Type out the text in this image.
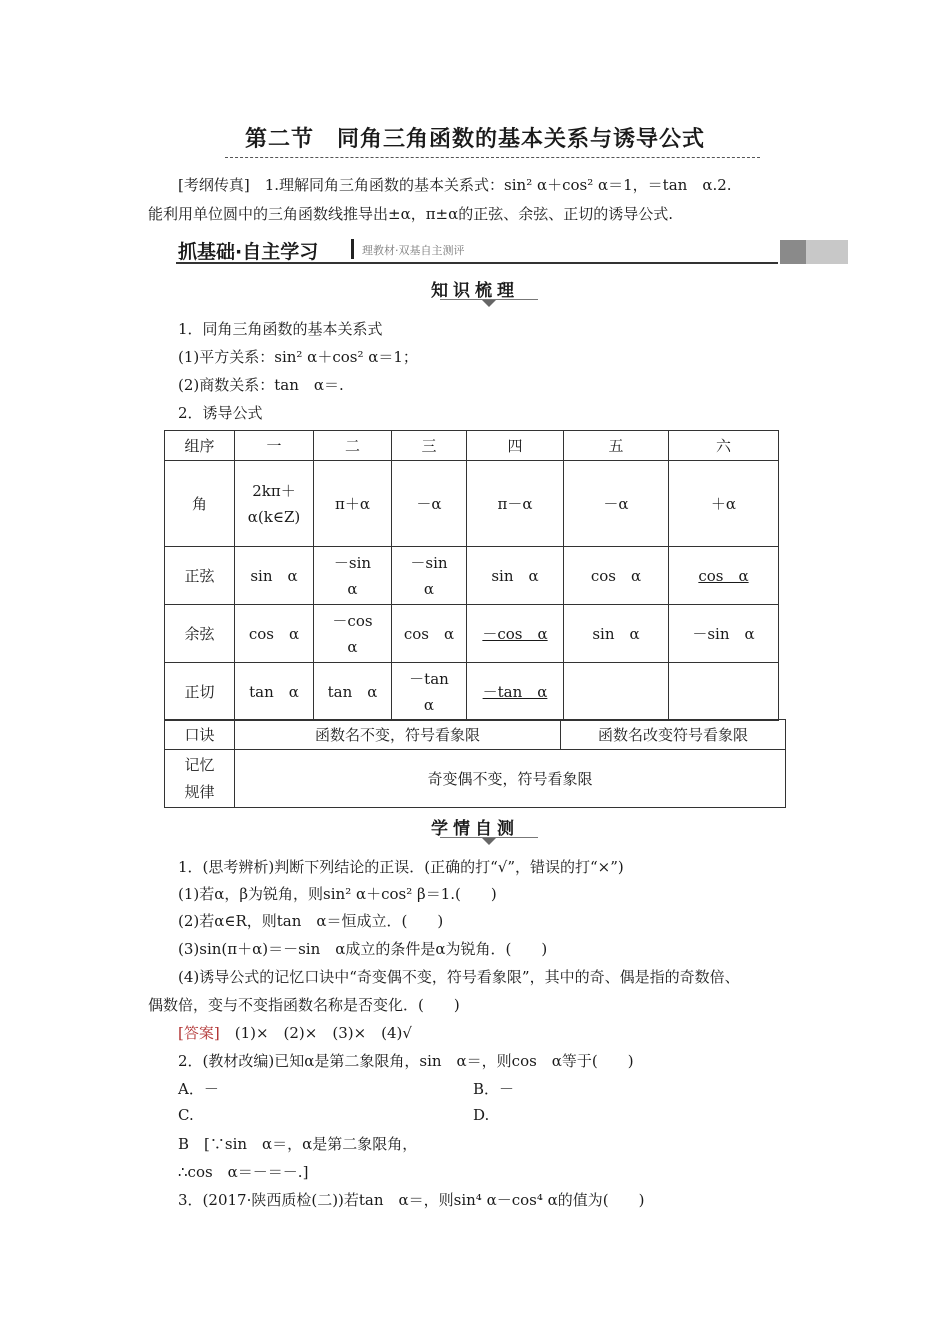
第二节　同角三角函数的基本关系与诱导公式
[考纲传真]　1.理解同角三角函数的基本关系式：sin² α＋cos² α＝1，＝tan　α.2.
能利用单位圆中的三角函数线推导出±α，π±α的正弦、余弦、正切的诱导公式.
抓基础·自主学习	理教材·双基自主测评
知识梳理
1．同角三角函数的基本关系式
(1)平方关系：sin² α＋cos² α＝1；
(2)商数关系：tan　α＝.
2．诱导公式
组序	一	二	三	四	五	六
角	2kπ＋α(k∈Z)	π＋α	－α	π－α	－α	＋α
正弦	sin　α	－sin α	－sin α	sin　α	cos　α	cos　α
余弦	cos　α	－cos α	cos　α	－cos　α	sin　α	－sin　α
正切	tan　α	tan　α	－tan α	－tan　α		
口诀	函数名不变，符号看象限	函数名改变符号看象限
记忆规律	奇变偶不变，符号看象限	
学情自测
1．(思考辨析)判断下列结论的正误．(正确的打“√”，错误的打“×”)
(1)若α，β为锐角，则sin² α＋cos² β＝1.(　　)
(2)若α∈R，则tan　α＝恒成立．(　　)
(3)sin(π＋α)＝－sin　α成立的条件是α为锐角．(　　)
(4)诱导公式的记忆口诀中“奇变偶不变，符号看象限”，其中的奇、偶是指的奇数倍、
偶数倍，变与不变指函数名称是否变化．(　　)
[答案]　(1)×　(2)×　(3)×　(4)√
2．(教材改编)已知α是第二象限角，sin　α＝，则cos　α等于(　　)
A．－	B．－
C.	D.
B　[∵sin　α＝，α是第二象限角，
∴cos　α＝－＝－.]
3．(2017·陕西质检(二))若tan　α＝，则sin⁴ α－cos⁴ α的值为(　　)
